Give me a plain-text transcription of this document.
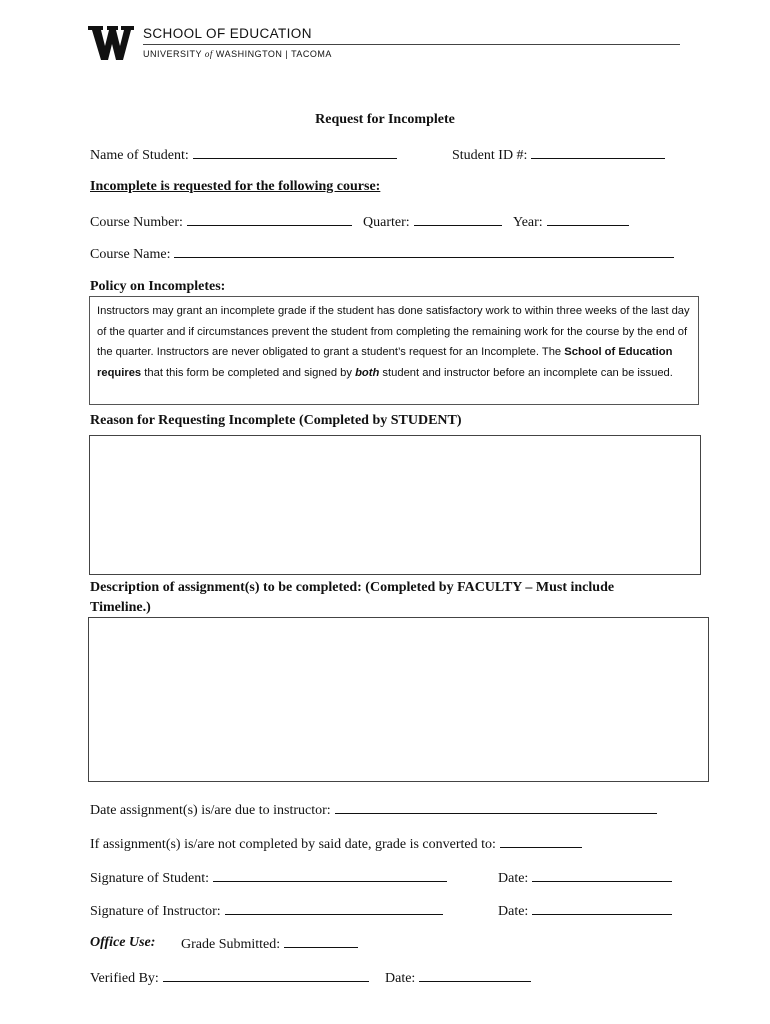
SCHOOL OF EDUCATION
UNIVERSITY of WASHINGTON | TACOMA
Request for Incomplete
Name of Student:	Student ID #:
Incomplete is requested for the following course:
Course Number:	Quarter:	Year:
Course Name:
Policy on Incompletes:
Instructors may grant an incomplete grade if the student has done satisfactory work to within three weeks of the last day of the quarter and if circumstances prevent the student from completing the remaining work for the course by the end of the quarter. Instructors are never obligated to grant a student’s request for an Incomplete. The School of Education requires that this form be completed and signed by both student and instructor before an incomplete can be issued.
Reason for Requesting Incomplete (Completed by STUDENT)
Description of assignment(s) to be completed: (Completed by FACULTY – Must include
Timeline.)
Date assignment(s) is/are due to instructor:
If assignment(s) is/are not completed by said date, grade is converted to:
Signature of Student:	Date:
Signature of Instructor:	Date:
Office Use: Grade Submitted:
Verified By:	Date:
